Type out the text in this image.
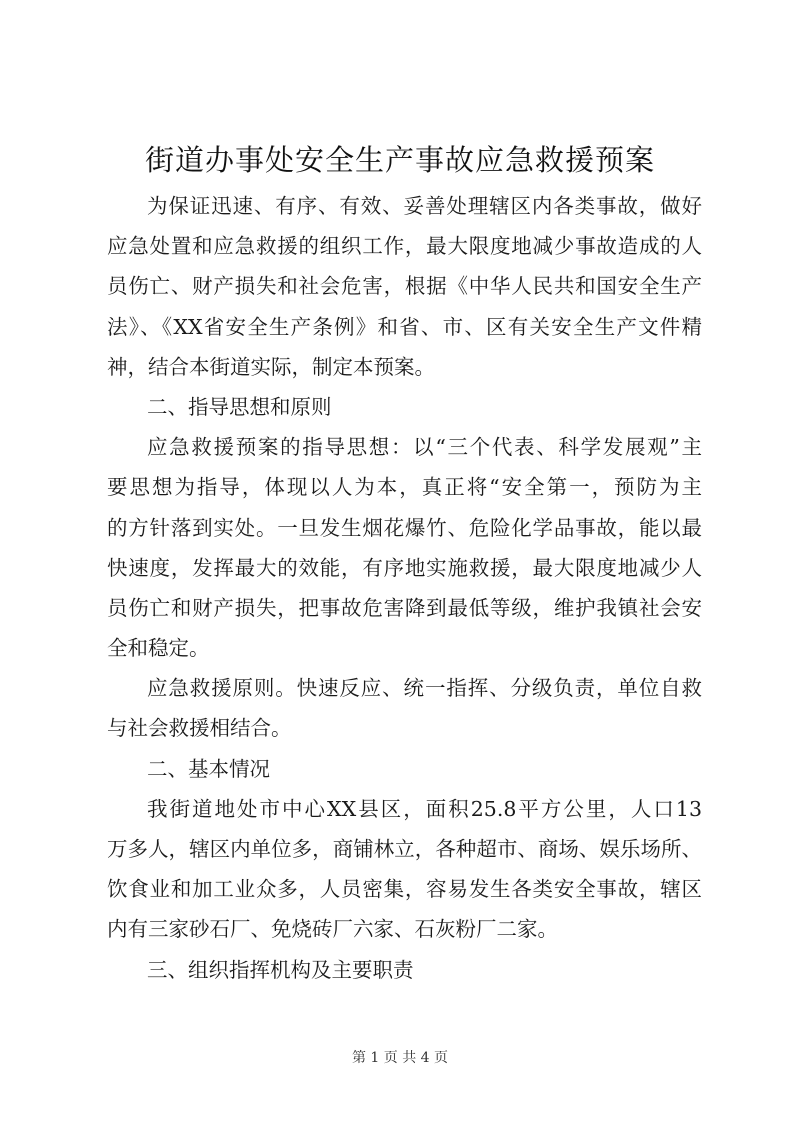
街道办事处安全生产事故应急救援预案
为保证迅速、有序、有效、妥善处理辖区内各类事故，做好
应急处置和应急救援的组织工作，最大限度地减少事故造成的人
员伤亡、财产损失和社会危害，根据《中华人民共和国安全生产
法》、《XX省安全生产条例》和省、市、区有关安全生产文件精
神，结合本街道实际，制定本预案。
二、指导思想和原则
应急救援预案的指导思想：以“三个代表、科学发展观”主
要思想为指导，体现以人为本，真正将“安全第一，预防为主
的方针落到实处。一旦发生烟花爆竹、危险化学品事故，能以最
快速度，发挥最大的效能，有序地实施救援，最大限度地减少人
员伤亡和财产损失，把事故危害降到最低等级，维护我镇社会安
全和稳定。
应急救援原则。快速反应、统一指挥、分级负责，单位自救
与社会救援相结合。
二、基本情况
我街道地处市中心XX县区，面积25.8平方公里，人口13
万多人，辖区内单位多，商铺林立，各种超市、商场、娱乐场所、
饮食业和加工业众多，人员密集，容易发生各类安全事故，辖区
内有三家砂石厂、免烧砖厂六家、石灰粉厂二家。
三、组织指挥机构及主要职责
第 1 页 共 4 页
